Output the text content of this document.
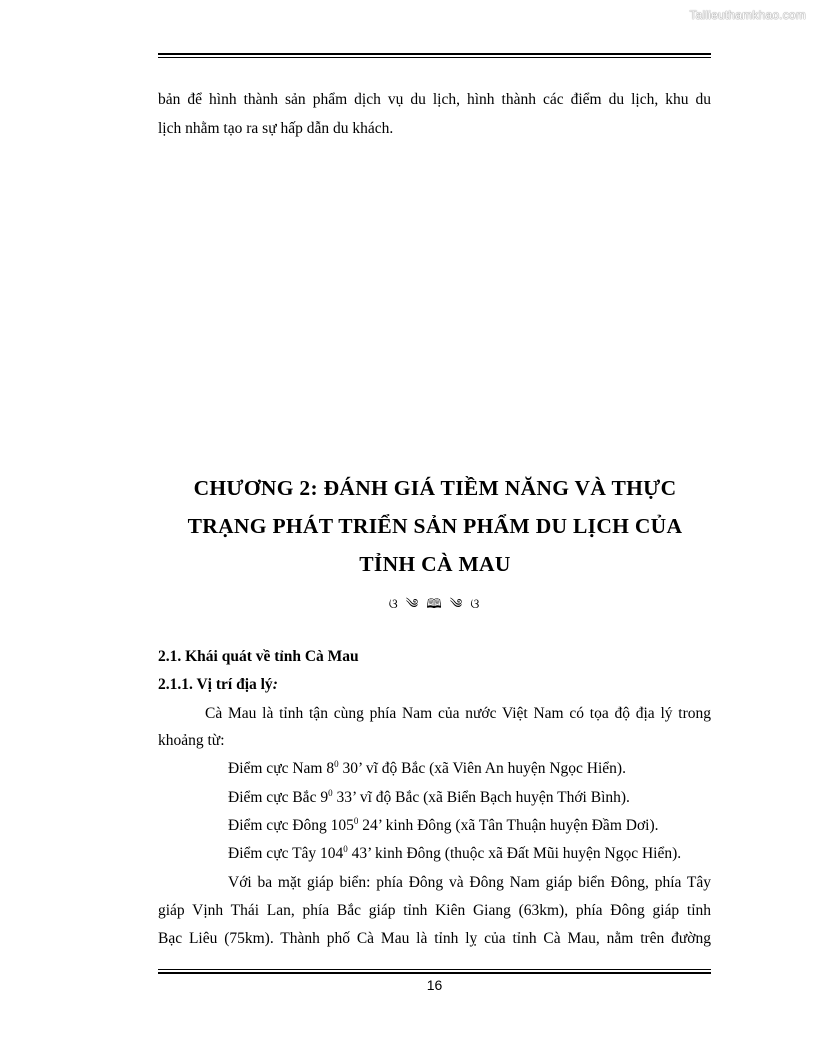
Tailieuthamkhao.com
bản để hình thành sản phẩm dịch vụ du lịch, hình thành các điểm du lịch, khu du
lịch nhằm tạo ra sự hấp dẫn du khách.
CHƯƠNG 2: ĐÁNH GIÁ TIỀM NĂNG VÀ THỰC
TRẠNG PHÁT TRIỂN SẢN PHẨM DU LỊCH CỦA
TỈNH CÀ MAU
ଓ ༄ 🕮 ༄ ଓ
2.1. Khái quát về tỉnh Cà Mau
2.1.1. Vị trí địa lý:
Cà Mau là tỉnh tận cùng phía Nam của nước Việt Nam có tọa độ địa lý trong
khoảng từ:
Điểm cực Nam $8^0$ 30’ vĩ độ Bắc (xã Viên An huyện Ngọc Hiển).
Điểm cực Bắc $9^0$ 33’ vĩ độ Bắc (xã Biển Bạch huyện Thới Bình).
Điểm cực Đông $105^0$ 24’ kinh Đông (xã Tân Thuận huyện Đầm Dơi).
Điểm cực Tây $104^0$ 43’ kinh Đông (thuộc xã Đất Mũi huyện Ngọc Hiển).
Với ba mặt giáp biển: phía Đông và Đông Nam giáp biển Đông, phía Tây
giáp Vịnh Thái Lan, phía Bắc giáp tỉnh Kiên Giang (63km), phía Đông giáp tỉnh
Bạc Liêu (75km). Thành phố Cà Mau là tỉnh lỵ của tỉnh Cà Mau, nằm trên đường
16
